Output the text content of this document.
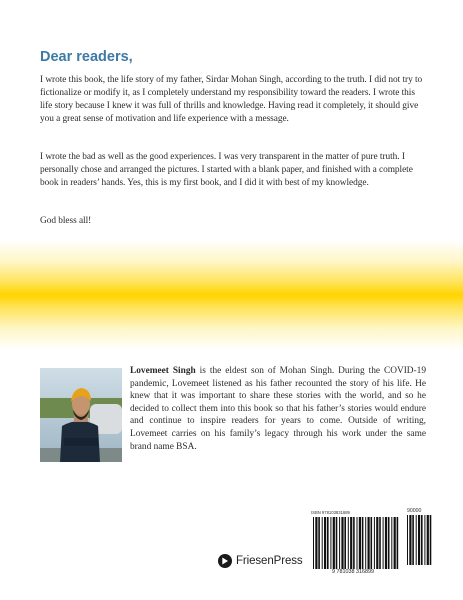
Dear readers,

I wrote this book, the life story of my father, Sirdar Mohan Singh, according to the truth. I did not try to fictionalize or modify it, as I completely understand my responsibility toward the readers. I wrote this life story because I knew it was full of thrills and knowledge. Having read it completely, it should give you a great sense of motivation and life experience with a message.

I wrote the bad as well as the good experiences. I was very transparent in the matter of pure truth. I personally chose and arranged the pictures. I started with a blank paper, and finished with a complete book in readers’ hands. Yes, this is my first book, and I did it with best of my knowledge.

God bless all!

Lovemeet Singh is the eldest son of Mohan Singh. During the COVID-19 pandemic, Lovemeet listened as his father recounted the story of his life. He knew that it was important to share these stories with the world, and so he decided to collect them into this book so that his father’s stories would endure and continue to inspire readers for years to come. Outside of writing, Lovemeet carries on his family’s legacy through his work under the same brand name BSA.

FriesenPress
ISBN 978103831689	90000
9 781038 316899
